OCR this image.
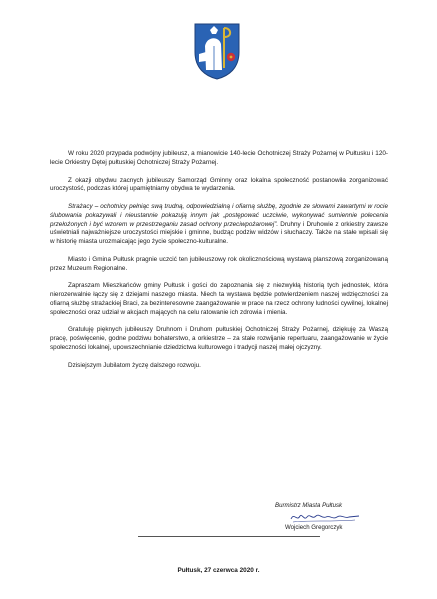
W roku 2020 przypada podwójny jubileusz, a mianowicie 140-lecie Ochotniczej Straży Pożarnej w Pułtusku i 120-lecie Orkiestry Dętej pułtuskiej Ochotniczej Straży Pożarnej.

Z okazji obydwu zacnych jubileuszy Samorząd Gminny oraz lokalna społeczność postanowiła zorganizować uroczystość, podczas której upamiętniamy obydwa te wydarzenia.

Strażacy – ochotnicy pełniąc swą trudną, odpowiedzialną i ofiarną służbę, zgodnie ze słowami zawartymi w rocie ślubowania pokazywali i nieustannie pokazują innym jak „postępować uczciwie, wykonywać sumiennie polecenia przełożonych i być wzorem w przestrzeganiu zasad ochrony przeciwpożarowej”. Druhny i Druhowie z orkiestry zawsze uświetniali najważniejsze uroczystości miejskie i gminne, budząc podziw widzów i słuchaczy. Także na stałe wpisali się w historię miasta urozmaicając jego życie społeczno-kulturalne.

Miasto i Gmina Pułtusk pragnie uczcić ten jubileuszowy rok okolicznościową wystawą planszową zorganizowaną przez Muzeum Regionalne.

Zapraszam Mieszkańców gminy Pułtusk i gości do zapoznania się z niezwykłą historią tych jednostek, która nierozerwalnie łączy się z dziejami naszego miasta. Niech ta wystawa będzie potwierdzeniem naszej wdzięczności za ofiarną służbę strażackiej Braci, za bezinteresowne zaangażowanie w prace na rzecz ochrony ludności cywilnej, lokalnej społeczności oraz udział w akcjach mających na celu ratowanie ich zdrowia i mienia.

Gratuluję pięknych jubileuszy Druhnom i Druhom pułtuskiej Ochotniczej Straży Pożarnej, dziękuję za Waszą pracę, poświęcenie, godne podziwu bohaterstwo, a orkiestrze – za stałe rozwijanie repertuaru, zaangażowanie w życie społeczności lokalnej, upowszechnianie dziedzictwa kulturowego i tradycji naszej małej ojczyzny.

Dzisiejszym Jubilatom życzę dalszego rozwoju.

Burmistrz Miasta Pułtusk
Wojciech Gregorczyk
Pułtusk, 27 czerwca 2020 r.
